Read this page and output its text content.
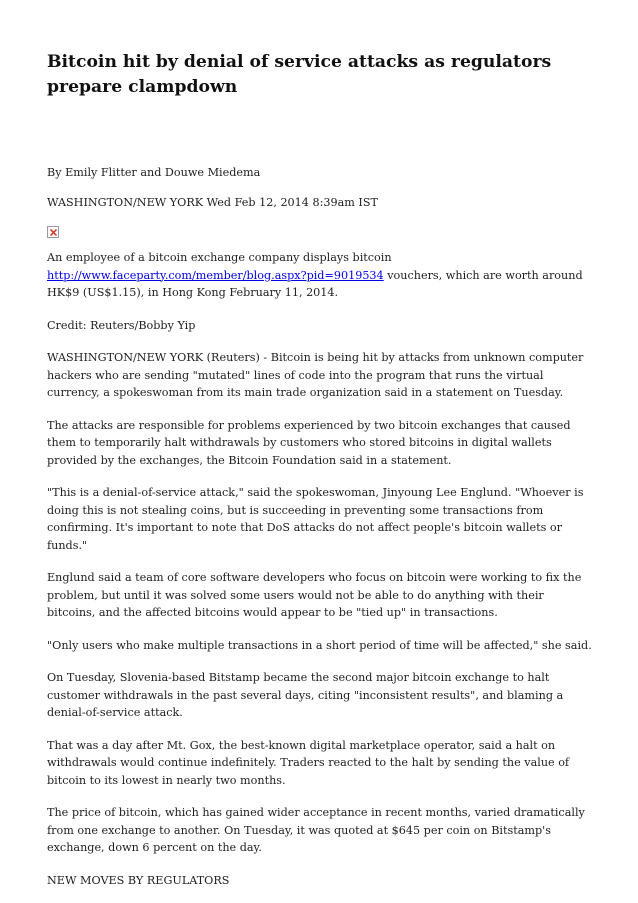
Bitcoin hit by denial of service attacks as regulators prepare clampdown

By Emily Flitter and Douwe Miedema

WASHINGTON/NEW YORK Wed Feb 12, 2014 8:39am IST

An employee of a bitcoin exchange company displays bitcoin
http://www.faceparty.com/member/blog.aspx?pid=9019534 vouchers, which are worth around HK$9 (US$1.15), in Hong Kong February 11, 2014.

Credit: Reuters/Bobby Yip

WASHINGTON/NEW YORK (Reuters) - Bitcoin is being hit by attacks from unknown computer hackers who are sending "mutated" lines of code into the program that runs the virtual currency, a spokeswoman from its main trade organization said in a statement on Tuesday.

The attacks are responsible for problems experienced by two bitcoin exchanges that caused them to temporarily halt withdrawals by customers who stored bitcoins in digital wallets provided by the exchanges, the Bitcoin Foundation said in a statement.

"This is a denial-of-service attack," said the spokeswoman, Jinyoung Lee Englund. "Whoever is doing this is not stealing coins, but is succeeding in preventing some transactions from confirming. It's important to note that DoS attacks do not affect people's bitcoin wallets or funds."

Englund said a team of core software developers who focus on bitcoin were working to fix the problem, but until it was solved some users would not be able to do anything with their bitcoins, and the affected bitcoins would appear to be "tied up" in transactions.

"Only users who make multiple transactions in a short period of time will be affected," she said.

On Tuesday, Slovenia-based Bitstamp became the second major bitcoin exchange to halt customer withdrawals in the past several days, citing "inconsistent results", and blaming a denial-of-service attack.

That was a day after Mt. Gox, the best-known digital marketplace operator, said a halt on withdrawals would continue indefinitely. Traders reacted to the halt by sending the value of bitcoin to its lowest in nearly two months.

The price of bitcoin, which has gained wider acceptance in recent months, varied dramatically from one exchange to another. On Tuesday, it was quoted at $645 per coin on Bitstamp's exchange, down 6 percent on the day.

NEW MOVES BY REGULATORS
